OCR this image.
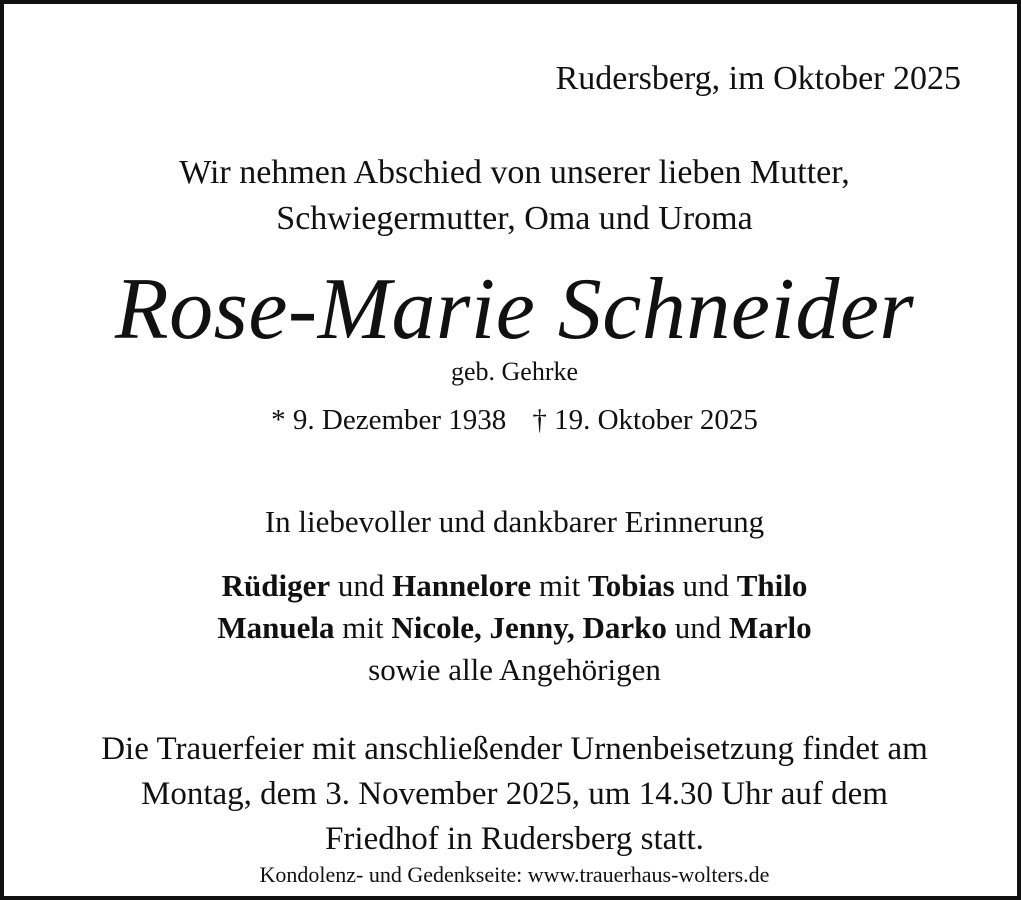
Rudersberg, im Oktober 2025
Wir nehmen Abschied von unserer lieben Mutter,
Schwiegermutter, Oma und Uroma
Rose-Marie Schneider
geb. Gehrke
* 9. Dezember 1938 † 19. Oktober 2025
In liebevoller und dankbarer Erinnerung
Rüdiger und Hannelore mit Tobias und Thilo
Manuela mit Nicole, Jenny, Darko und Marlo
sowie alle Angehörigen
Die Trauerfeier mit anschließender Urnenbeisetzung findet am
Montag, dem 3. November 2025, um 14.30 Uhr auf dem
Friedhof in Rudersberg statt.
Kondolenz- und Gedenkseite: www.trauerhaus-wolters.de
